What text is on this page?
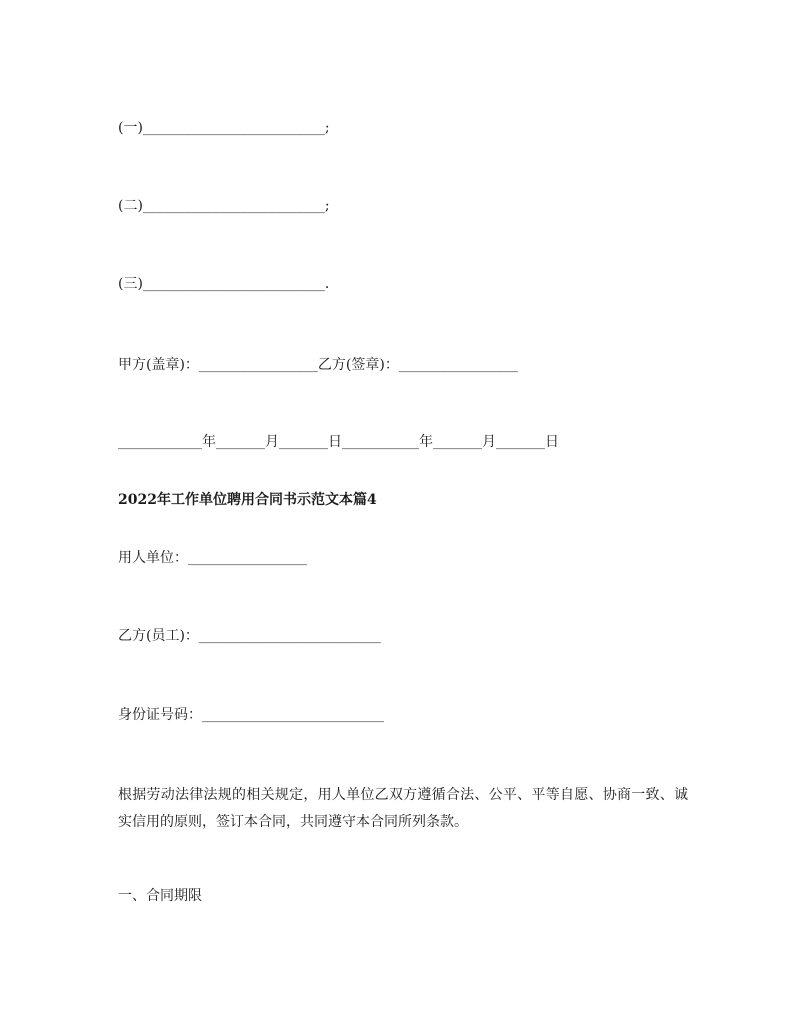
(一)__________________________;
(二)__________________________;
(三)__________________________.
甲方(盖章)：_________________乙方(签章)：_________________
____________年_______月_______日___________年_______月_______日
2022年工作单位聘用合同书示范文本篇4
用人单位：_________________
乙方(员工)：__________________________
身份证号码：__________________________
根据劳动法律法规的相关规定，用人单位乙双方遵循合法、公平、平等自愿、协商一致、诚实信用的原则，签订本合同，共同遵守本合同所列条款。
一、合同期限
